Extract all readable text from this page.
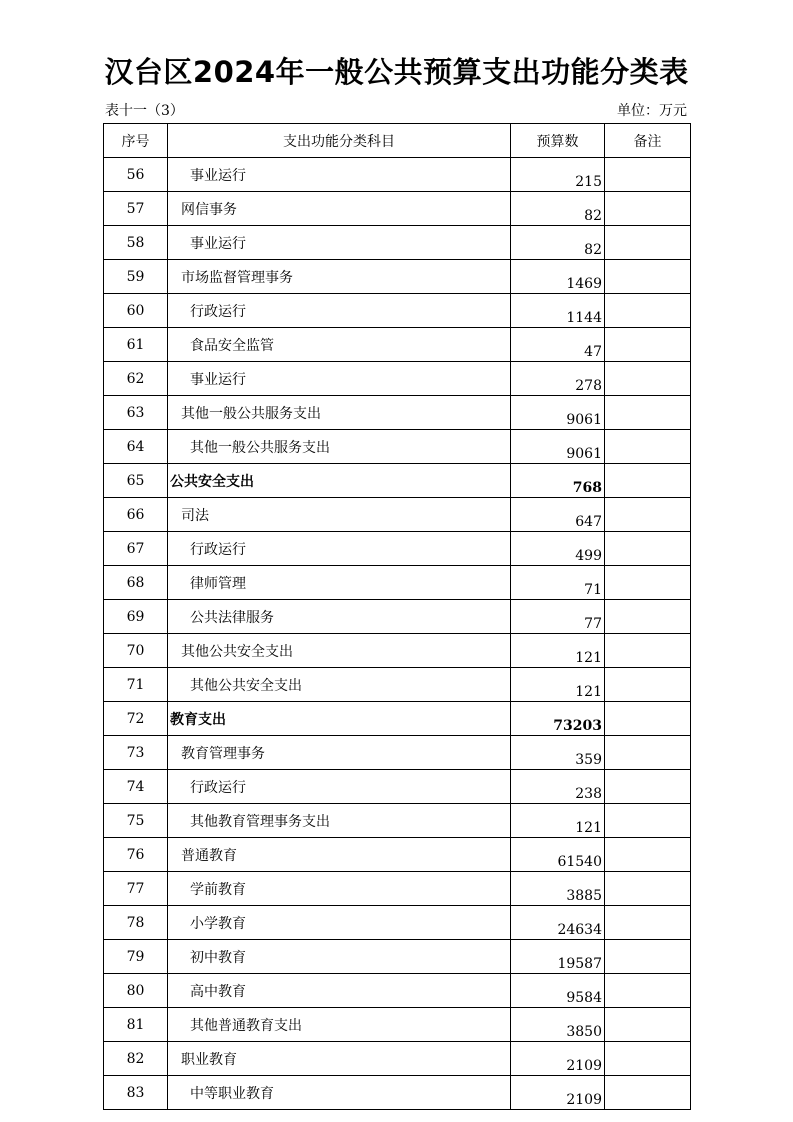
汉台区2024年一般公共预算支出功能分类表
表十一（3）	单位：万元
序号	支出功能分类科目	预算数	备注
56	事业运行	215	
57	网信事务	82	
58	事业运行	82	
59	市场监督管理事务	1469	
60	行政运行	1144	
61	食品安全监管	47	
62	事业运行	278	
63	其他一般公共服务支出	9061	
64	其他一般公共服务支出	9061	
65	公共安全支出	768	
66	司法	647	
67	行政运行	499	
68	律师管理	71	
69	公共法律服务	77	
70	其他公共安全支出	121	
71	其他公共安全支出	121	
72	教育支出	73203	
73	教育管理事务	359	
74	行政运行	238	
75	其他教育管理事务支出	121	
76	普通教育	61540	
77	学前教育	3885	
78	小学教育	24634	
79	初中教育	19587	
80	高中教育	9584	
81	其他普通教育支出	3850	
82	职业教育	2109	
83	中等职业教育	2109	
